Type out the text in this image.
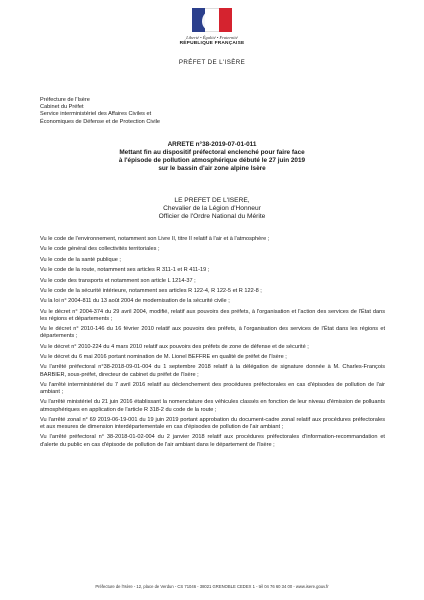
Liberté • Égalité • Fraternité
RÉPUBLIQUE FRANÇAISE
PRÉFET DE L'ISÈRE
Préfecture de l'Isère
Cabinet du Préfet
Service interministériel des Affaires Civiles et
Économiques de Défense et de Protection Civile
ARRETE n°38-2019-07-01-011
Mettant fin au dispositif préfectoral enclenché pour faire face
à l'épisode de pollution atmosphérique débuté le 27 juin 2019
sur le bassin d'air zone alpine Isère
LE PREFET DE L'ISERE,
Chevalier de la Légion d'Honneur
Officier de l'Ordre National du Mérite
Vu le code de l'environnement, notamment son Livre II, titre II relatif à l'air et à l'atmosphère ;
Vu le code général des collectivités territoriales ;
Vu le code de la santé publique ;
Vu le code de la route, notamment ses articles R 311-1 et R 411-19 ;
Vu le code des transports et notamment son article L 1214-37 ;
Vu le code de la sécurité intérieure, notamment ses articles R 122-4, R 122-5 et R 122-8 ;
Vu la loi n° 2004-811 du 13 août 2004 de modernisation de la sécurité civile ;
Vu le décret n° 2004-374 du 29 avril 2004, modifié, relatif aux pouvoirs des préfets, à l'organisation et l'action des services de l'État dans les régions et départements ;
Vu le décret n° 2010-146 du 16 février 2010 relatif aux pouvoirs des préfets, à l'organisation des services de l'État dans les régions et départements ;
Vu le décret n° 2010-224 du 4 mars 2010 relatif aux pouvoirs des préfets de zone de défense et de sécurité ;
Vu le décret du 6 mai 2016 portant nomination de M. Lionel BEFFRE en qualité de préfet de l'Isère ;
Vu l'arrêté préfectoral n°38-2018-09-01-004 du 1 septembre 2018 relatif à la délégation de signature donnée à M. Charles-François BARBIER, sous-préfet, directeur de cabinet du préfet de l'Isère ;
Vu l'arrêté interministériel du 7 avril 2016 relatif au déclenchement des procédures préfectorales en cas d'épisodes de pollution de l'air ambiant ;
Vu l'arrêté ministériel du 21 juin 2016 établissant la nomenclature des véhicules classés en fonction de leur niveau d'émission de polluants atmosphériques en application de l'article R 318-2 du code de la route ;
Vu l'arrêté zonal n° 69 2019-06-19-001 du 19 juin 2019 portant approbation du document-cadre zonal relatif aux procédures préfectorales et aux mesures de dimension interdépartementale en cas d'épisodes de pollution de l'air ambiant ;
Vu l'arrêté préfectoral n° 38-2018-01-02-004 du 2 janvier 2018 relatif aux procédures préfectorales d'information-recommandation et d'alerte du public en cas d'épisode de pollution de l'air ambiant dans le département de l'Isère ;
Préfecture de l'Isère - 12, place de Verdun - CS 71046 - 38021 GRENOBLE CEDEX 1 - tél 04 76 60 34 00 - www.isere.gouv.fr
